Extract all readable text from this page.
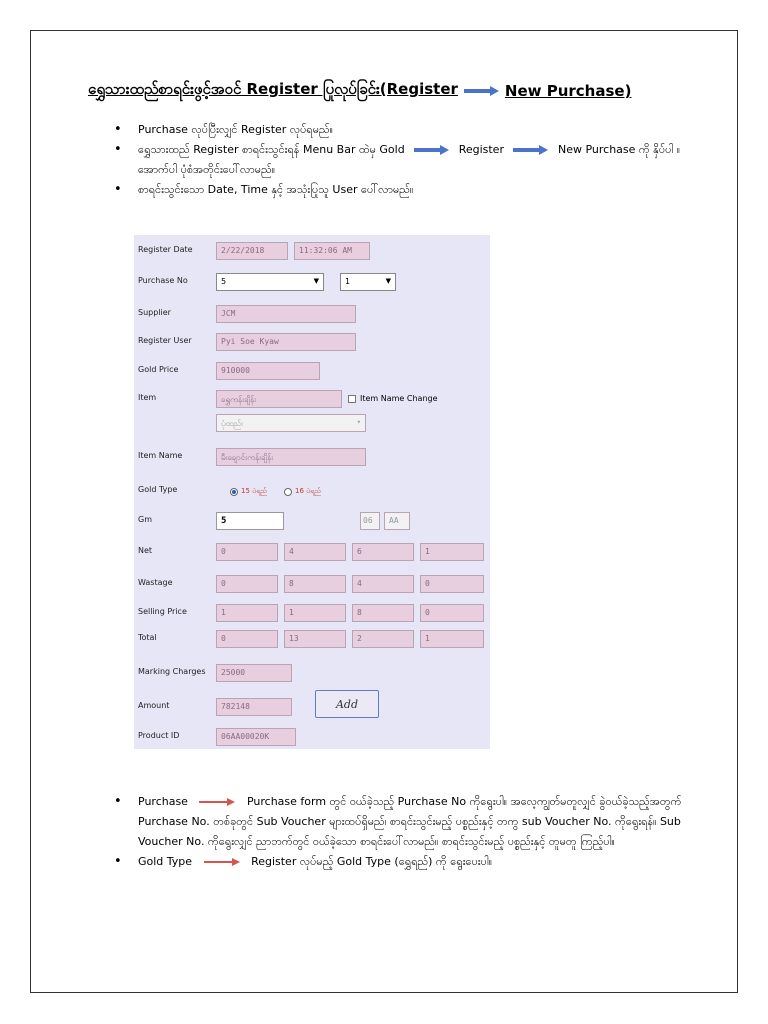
ရွှေသားထည်စာရင်းဖွင့်အဝင် Register ပြုလုပ်ခြင်း(Register	New Purchase)
• Purchase လုပ်ပြီးလျှင် Register လုပ်ရမည်။
• ရွှေသားထည် Register စာရင်းသွင်းရန် Menu Bar ထဲမှ Gold	Register	New Purchase ကို နှိပ်ပါ ။ အောက်ပါ ပုံစံအတိုင်းပေါ်လာမည်။
• စာရင်းသွင်းသော Date, Time နှင့် အသုံးပြုသူ User ပေါ်လာမည်။
Register Date	2/22/2018	11:32:06 AM
Purchase No	5	▼	1	▼
Supplier	JCM
Register User	Pyi Soe Kyaw
Gold Price	910000
Item	ရွှေကန်းချိန်း	Item Name Change
ပုံထည်း	▾
Item Name	မီးချောင်းကန်းချိန်း
Gold Type	15 ပဲရည်	16 ပဲရည်
Gm	5	06	AA
Net	0	4	6	1
Wastage	0	8	4	0
Selling Price	1	1	8	0
Total	0	13	2	1
Marking Charges	25000
Amount	782148	Add
Product ID	06AA00020K
• Purchase	Purchase form တွင် ဝယ်ခဲ့သည့် Purchase No ကိုရွေးပါ။ အလေ့ကျွတ်မတူလျှင် ခွဲဝယ်ခဲ့သည့်အတွက် Purchase No. တစ်ခုတွင် Sub Voucher များထပ်ရှိမည်၊ စာရင်းသွင်းမည့် ပစ္စည်းနှင့် တကွ sub Voucher No. ကိုရွေးရန်။ Sub Voucher No. ကိုရွေးလျှင် ညာဘက်တွင် ဝယ်ခဲ့သော စာရင်းပေါ်လာမည်။ စာရင်းသွင်းမည့် ပစ္စည်းနှင့် တူမတူ ကြည့်ပါ။
• Gold Type	Register လုပ်မည့် Gold Type (ရွှေရည်) ကို ရွေးပေးပါ။
